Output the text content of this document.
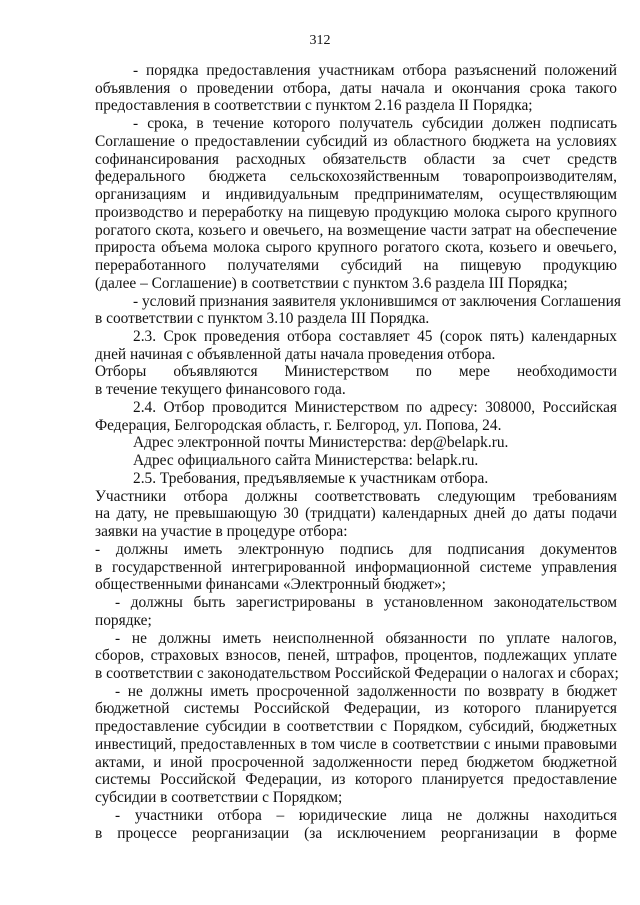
312
- порядка предоставления участникам отбора разъяснений положений
объявления о проведении отбора, даты начала и окончания срока такого
предоставления в соответствии с пунктом 2.16 раздела II Порядка;
- срока, в течение которого получатель субсидии должен подписать
Соглашение о предоставлении субсидий из областного бюджета на условиях
софинансирования расходных обязательств области за счет средств
федерального бюджета сельскохозяйственным товаропроизводителям,
организациям и индивидуальным предпринимателям, осуществляющим
производство и переработку на пищевую продукцию молока сырого крупного
рогатого скота, козьего и овечьего, на возмещение части затрат на обеспечение
прироста объема молока сырого крупного рогатого скота, козьего и овечьего,
переработанного получателями субсидий на пищевую продукцию
(далее – Соглашение) в соответствии с пунктом 3.6 раздела III Порядка;
- условий признания заявителя уклонившимся от заключения Соглашения
в соответствии с пунктом 3.10 раздела III Порядка.
2.3. Срок проведения отбора составляет 45 (сорок пять) календарных
дней начиная с объявленной даты начала проведения отбора.
Отборы объявляются Министерством по мере необходимости
в течение текущего финансового года.
2.4. Отбор проводится Министерством по адресу: 308000, Российская
Федерация, Белгородская область, г. Белгород, ул. Попова, 24.
Адрес электронной почты Министерства: dep@belapk.ru.
Адрес официального сайта Министерства: belapk.ru.
2.5. Требования, предъявляемые к участникам отбора.
Участники отбора должны соответствовать следующим требованиям
на дату, не превышающую 30 (тридцати) календарных дней до даты подачи
заявки на участие в процедуре отбора:
- должны иметь электронную подпись для подписания документов
в государственной интегрированной информационной системе управления
общественными финансами «Электронный бюджет»;
- должны быть зарегистрированы в установленном законодательством
порядке;
- не должны иметь неисполненной обязанности по уплате налогов,
сборов, страховых взносов, пеней, штрафов, процентов, подлежащих уплате
в соответствии с законодательством Российской Федерации о налогах и сборах;
- не должны иметь просроченной задолженности по возврату в бюджет
бюджетной системы Российской Федерации, из которого планируется
предоставление субсидии в соответствии с Порядком, субсидий, бюджетных
инвестиций, предоставленных в том числе в соответствии с иными правовыми
актами, и иной просроченной задолженности перед бюджетом бюджетной
системы Российской Федерации, из которого планируется предоставление
субсидии в соответствии с Порядком;
- участники отбора – юридические лица не должны находиться
в процессе реорганизации (за исключением реорганизации в форме
